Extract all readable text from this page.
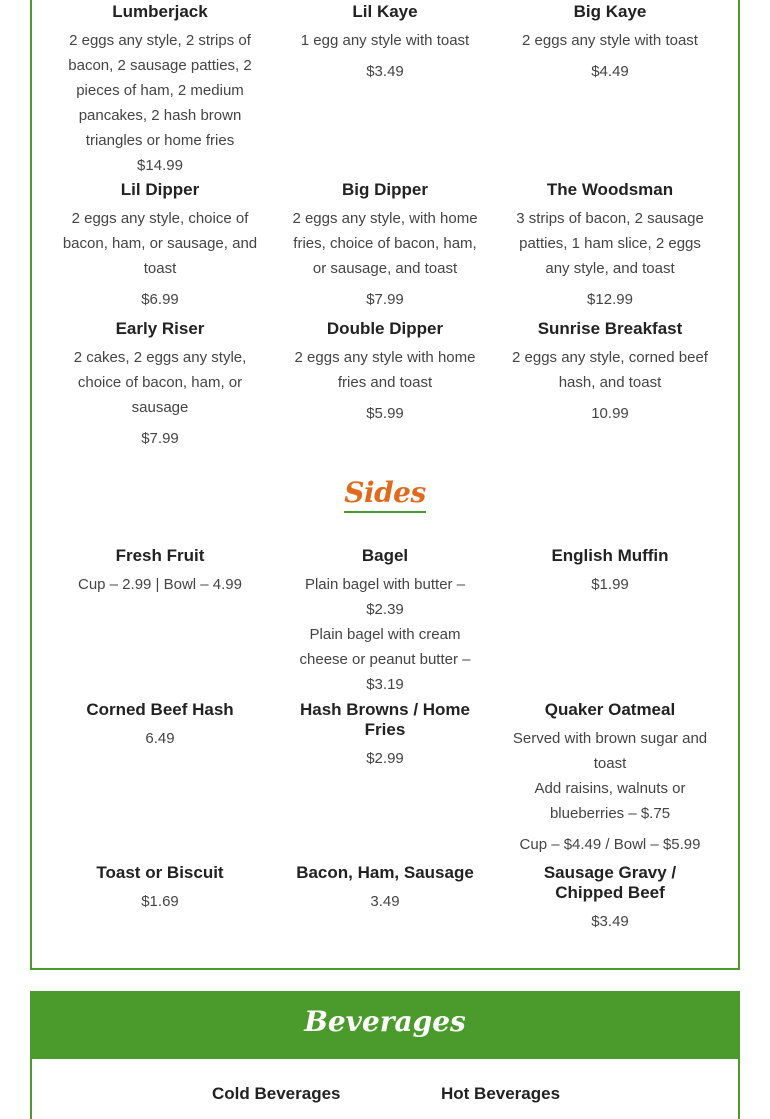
Lumberjack

2 eggs any style, 2 strips of bacon, 2 sausage patties, 2 pieces of ham, 2 medium pancakes, 2 hash brown triangles or home fries

$14.99
Lil Kaye

1 egg any style with toast

$3.49
Big Kaye

2 eggs any style with toast

$4.49
Lil Dipper

2 eggs any style, choice of bacon, ham, or sausage, and toast

$6.99
Big Dipper

2 eggs any style, with home fries, choice of bacon, ham, or sausage, and toast

$7.99
The Woodsman

3 strips of bacon, 2 sausage patties, 1 ham slice, 2 eggs any style, and toast

$12.99
Early Riser

2 cakes, 2 eggs any style, choice of bacon, ham, or sausage

$7.99
Double Dipper

2 eggs any style with home fries and toast

$5.99
Sunrise Breakfast

2 eggs any style, corned beef hash, and toast

10.99
Sides
Fresh Fruit
Cup – 2.99 | Bowl – 4.99
Bagel

Plain bagel with butter – $2.39

Plain bagel with cream cheese or peanut butter – $3.19

English Muffin
$1.99
Corned Beef Hash
6.49
Hash Browns / Home Fries
$2.99
Quaker Oatmeal

Served with brown sugar and toast

Add raisins, walnuts or blueberries – $.75

Cup – $4.49 / Bowl – $5.99
Toast or Biscuit
$1.69
Bacon, Ham, Sausage
3.49
Sausage Gravy / Chipped Beef
$3.49
Beverages
Cold Beverages	Hot Beverages
